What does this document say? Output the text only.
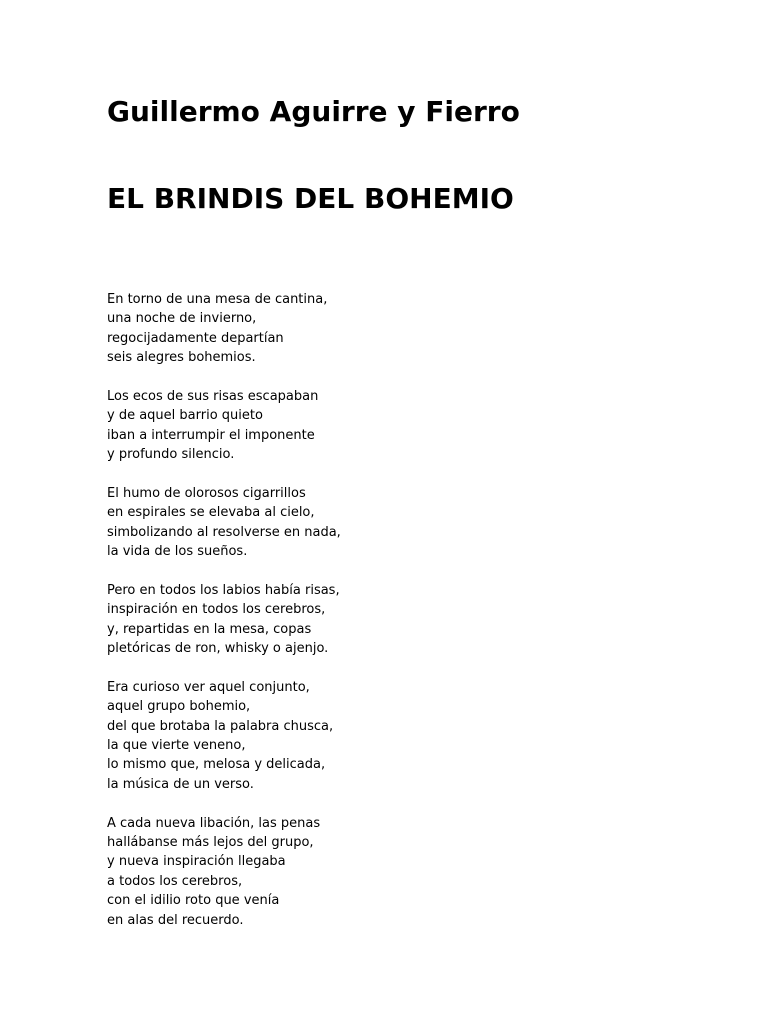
Guillermo Aguirre y Fierro
EL BRINDIS DEL BOHEMIO

En torno de una mesa de cantina,
una noche de invierno,
regocijadamente departían
seis alegres bohemios.

Los ecos de sus risas escapaban
y de aquel barrio quieto
iban a interrumpir el imponente
y profundo silencio.

El humo de olorosos cigarrillos
en espirales se elevaba al cielo,
simbolizando al resolverse en nada,
la vida de los sueños.

Pero en todos los labios había risas,
inspiración en todos los cerebros,
y, repartidas en la mesa, copas
pletóricas de ron, whisky o ajenjo.

Era curioso ver aquel conjunto,
aquel grupo bohemio,
del que brotaba la palabra chusca,
la que vierte veneno,
lo mismo que, melosa y delicada,
la música de un verso.

A cada nueva libación, las penas
hallábanse más lejos del grupo,
y nueva inspiración llegaba
a todos los cerebros,
con el idilio roto que venía
en alas del recuerdo.
